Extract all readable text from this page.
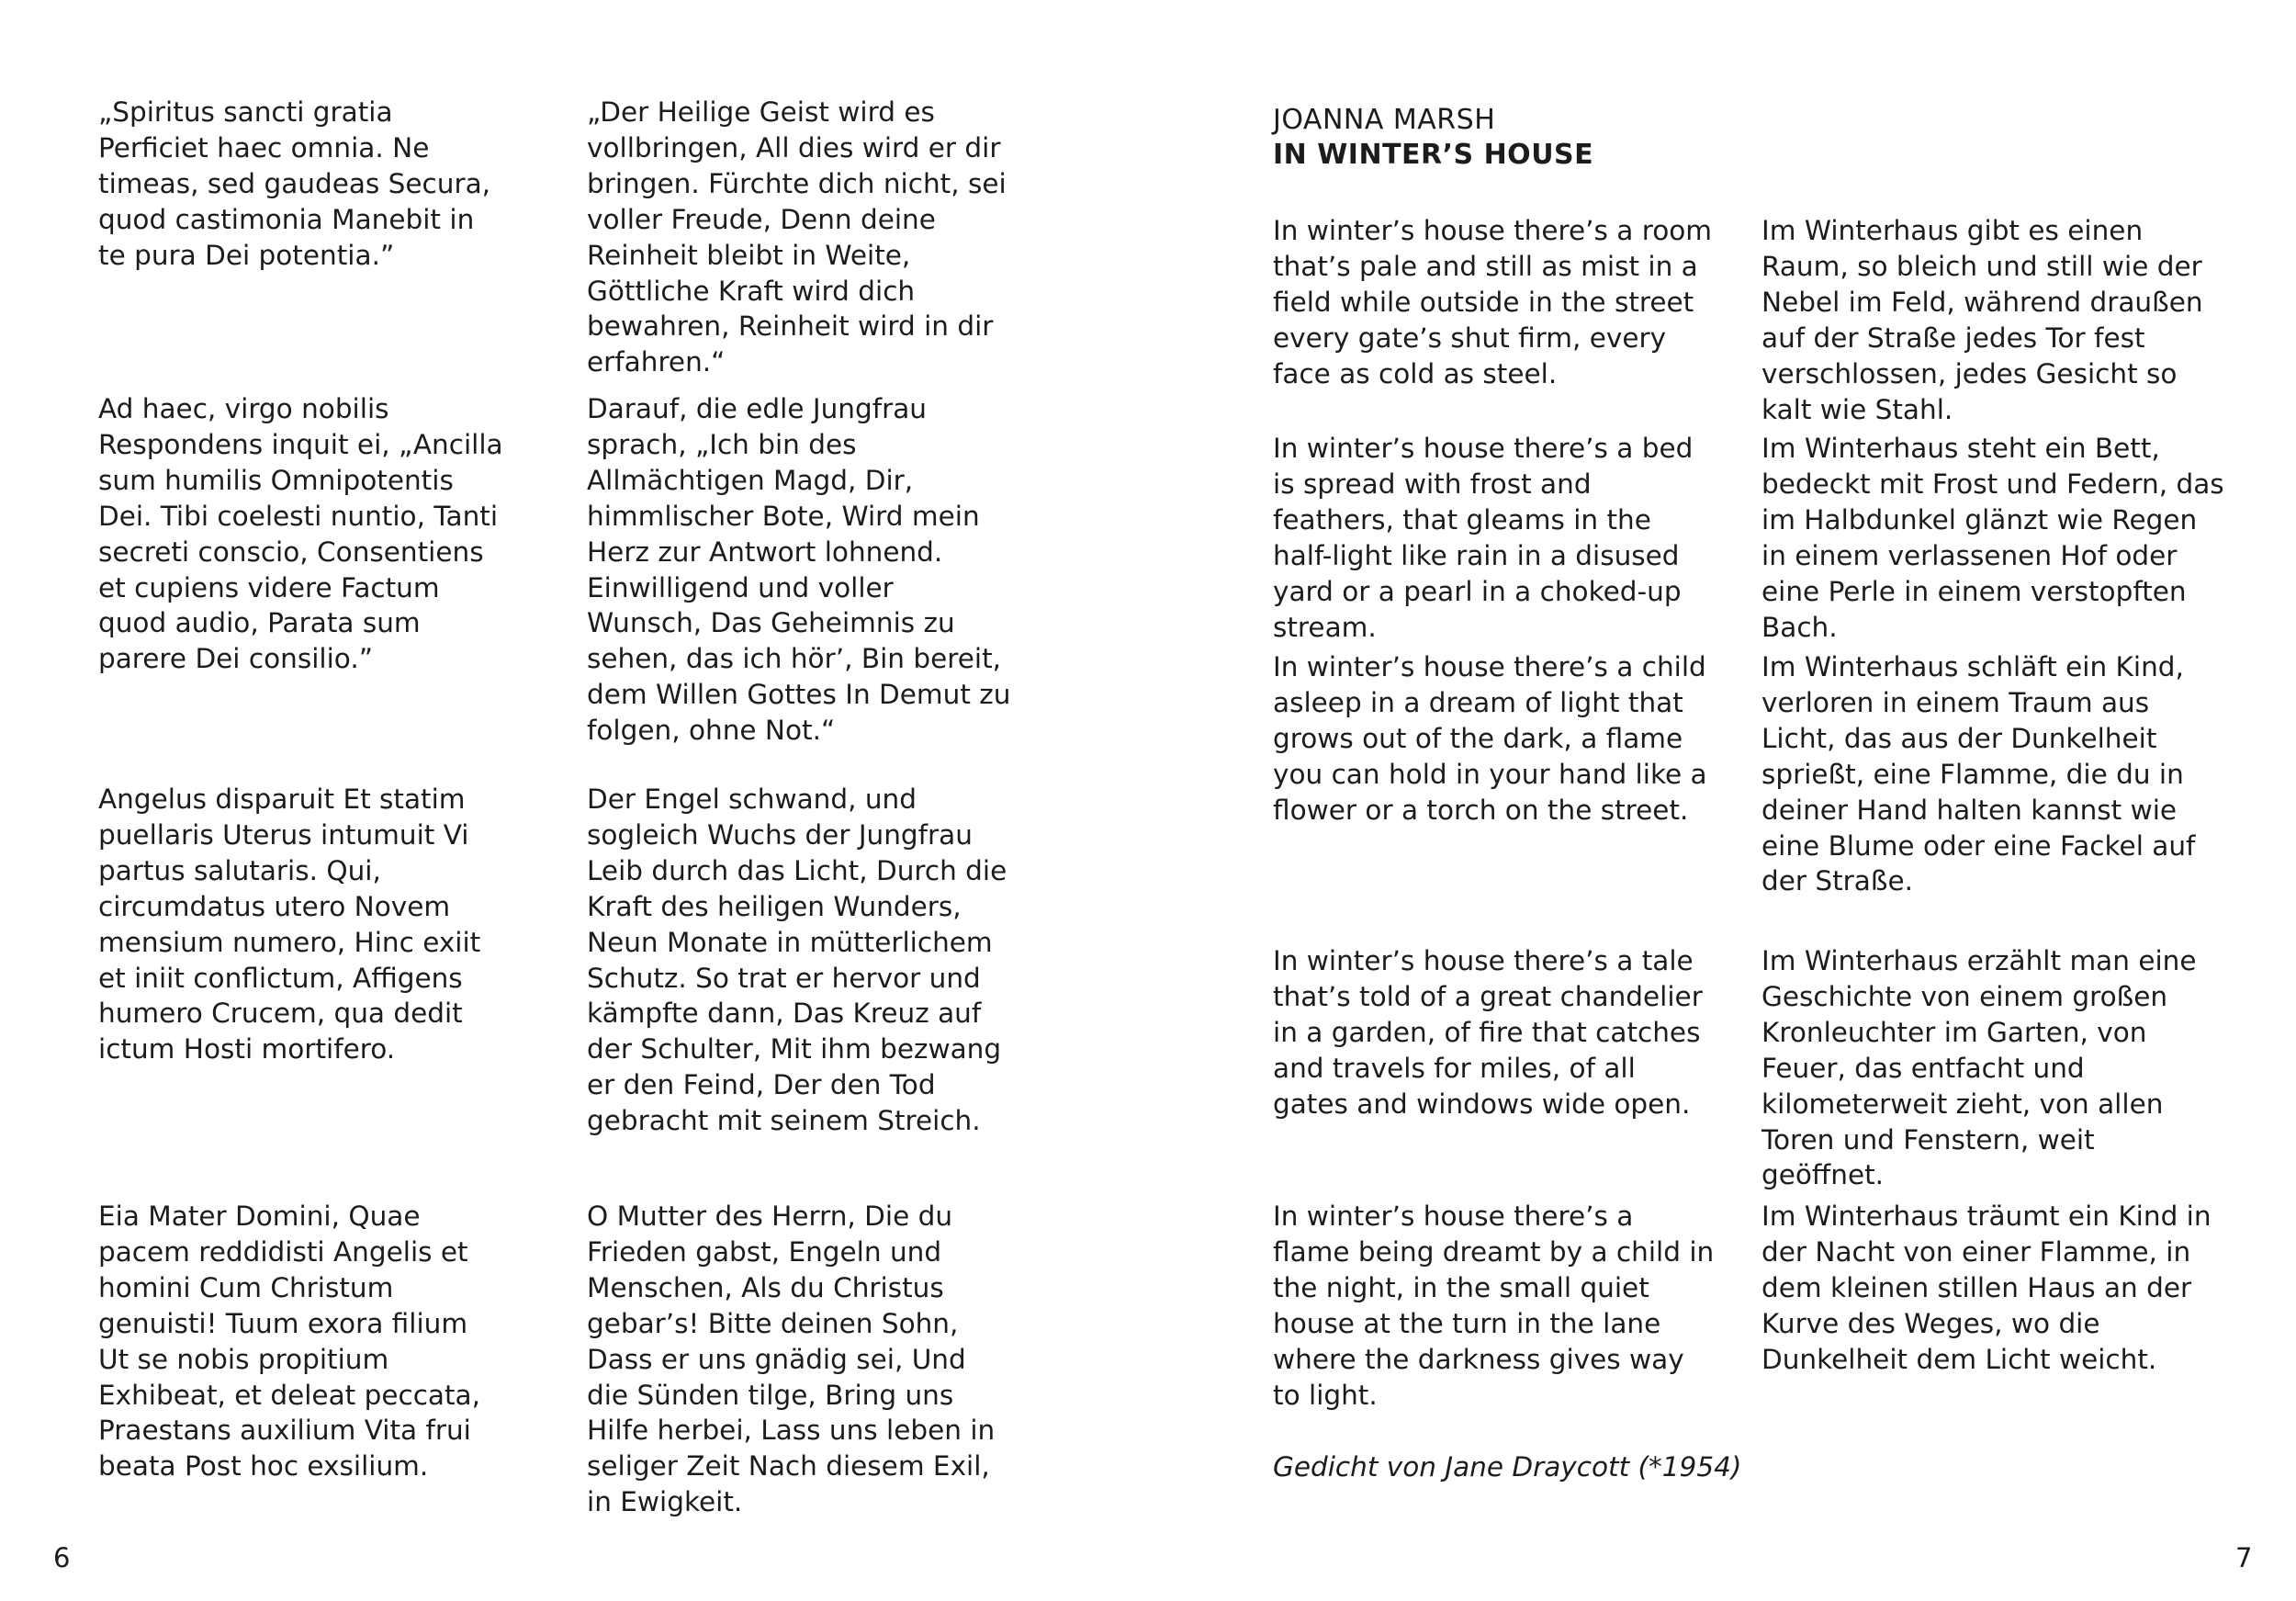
„Spiritus sancti gratia Perficiet haec omnia. Ne timeas, sed gaudeas Secura, quod castimonia Manebit in te pura Dei potentia.”

Ad haec, virgo nobilis Respondens inquit ei, „Ancilla sum humilis Omnipotentis Dei. Tibi coelesti nuntio, Tanti secreti conscio, Consentiens et cupiens videre Factum quod audio, Parata sum parere Dei consilio.”

Angelus disparuit Et statim puellaris Uterus intumuit Vi partus salutaris. Qui, circumdatus utero Novem mensium numero, Hinc exiit et iniit conflictum, Affigens humero Crucem, qua dedit ictum Hosti mortifero.

Eia Mater Domini, Quae pacem reddidisti Angelis et homini Cum Christum genuisti! Tuum exora filium Ut se nobis propitium Exhibeat, et deleat peccata, Praestans auxilium Vita frui beata Post hoc exsilium.

„Der Heilige Geist wird es vollbringen, All dies wird er dir bringen. Fürchte dich nicht, sei voller Freude, Denn deine Reinheit bleibt in Weite, Göttliche Kraft wird dich bewahren, Reinheit wird in dir erfahren.“

Darauf, die edle Jungfrau sprach, „Ich bin des Allmächtigen Magd, Dir, himmlischer Bote, Wird mein Herz zur Antwort lohnend. Einwilligend und voller Wunsch, Das Geheimnis zu sehen, das ich hör’, Bin bereit, dem Willen Gottes In Demut zu folgen, ohne Not.“

Der Engel schwand, und sogleich Wuchs der Jungfrau Leib durch das Licht, Durch die Kraft des heiligen Wunders, Neun Monate in mütterlichem Schutz. So trat er hervor und kämpfte dann, Das Kreuz auf der Schulter, Mit ihm bezwang er den Feind, Der den Tod gebracht mit seinem Streich.

O Mutter des Herrn, Die du Frieden gabst, Engeln und Menschen, Als du Christus gebar’s! Bitte deinen Sohn, Dass er uns gnädig sei, Und die Sünden tilge, Bring uns Hilfe herbei, Lass uns leben in seliger Zeit Nach diesem Exil, in Ewigkeit.

6
JOANNA MARSH
IN WINTER’S HOUSE

In winter’s house there’s a room that’s pale and still as mist in a field while outside in the street every gate’s shut firm, every face as cold as steel.

In winter’s house there’s a bed is spread with frost and feathers, that gleams in the half-light like rain in a disused yard or a pearl in a choked-up stream.

In winter’s house there’s a child asleep in a dream of light that grows out of the dark, a flame you can hold in your hand like a flower or a torch on the street.

In winter’s house there’s a tale that’s told of a great chandelier in a garden, of fire that catches and travels for miles, of all gates and windows wide open.

In winter’s house there’s a flame being dreamt by a child in the night, in the small quiet house at the turn in the lane where the darkness gives way to light.

Im Winterhaus gibt es einen Raum, so bleich und still wie der Nebel im Feld, während draußen auf der Straße jedes Tor fest verschlossen, jedes Gesicht so kalt wie Stahl.

Im Winterhaus steht ein Bett, bedeckt mit Frost und Federn, das im Halbdunkel glänzt wie Regen in einem verlassenen Hof oder eine Perle in einem verstopften Bach.

Im Winterhaus schläft ein Kind, verloren in einem Traum aus Licht, das aus der Dunkelheit sprießt, eine Flamme, die du in deiner Hand halten kannst wie eine Blume oder eine Fackel auf der Straße.

Im Winterhaus erzählt man eine Geschichte von einem großen Kronleuchter im Garten, von Feuer, das entfacht und kilometerweit zieht, von allen Toren und Fenstern, weit geöffnet.

Im Winterhaus träumt ein Kind in der Nacht von einer Flamme, in dem kleinen stillen Haus an der Kurve des Weges, wo die Dunkelheit dem Licht weicht.

Gedicht von Jane Draycott (*1954)
7
